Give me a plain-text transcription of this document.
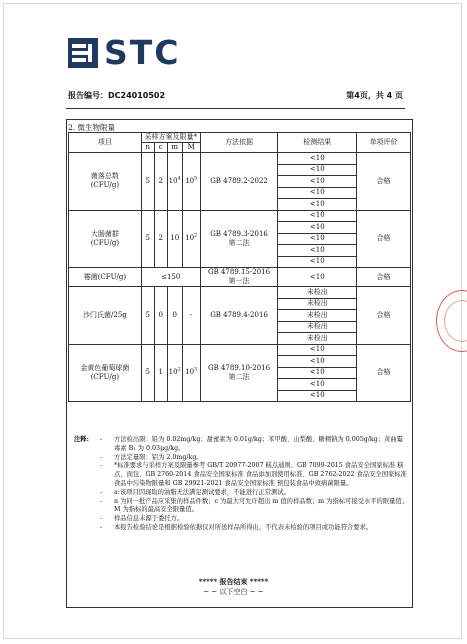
STC
报告编号：DC24010502	第4页，共 4 页
2. 微生物限量
项目	采样方案及限量*				方法依据	检测结果	单项评价
	n	c	m	M			
菌落总数
(CFU/g)	5	2	$10^4$	$10^5$	GB 4789.2-2022	<10	合格
						<10	
						<10	
						<10	
						<10	
大肠菌群
(CFU/g)	5	2	10	$10^2$	GB 4789.3-2016
第二法	<10	合格
						<10	
						<10	
						<10	
						<10	
霉菌(CFU/g)	≤150				GB 4789.15-2016
第一法	<10	合格
沙门氏菌/25g	5	0	0	-	GB 4789.4-2016	未检出	合格
						未检出	
						未检出	
						未检出	
						未检出	
金黄色葡萄球菌
(CFU/g)	5	1	$10^2$	$10^3$	GB 4789.10-2016
第二法	<10	合格
						<10	
						<10	
						<10	
						<10	
注释:	-	方法检出限：铅为 0.02mg/kg；甜蜜素为 0.01g/kg；苯甲酸、山梨酸、糖精钠为 0.005g/kg；黄曲霉毒素 B₁ 为 0.03μg/kg。
-	方法定量限：铝为 2.0mg/kg。
-	*标准要求与采样方案及限量参考 GB/T 20977-2007 糕点通则、GB 7099-2015 食品安全国家标准 糕点、面包、GB 2760-2014 食品安全国家标准 食品添加剂使用标准、GB 2762-2022 食品安全国家标准 食品中污染物限量和 GB 29921-2021 食品安全国家标准 预包装食品中致病菌限量。
-	a:该项目因现取的油脂无法满足测试要求，不能进行正常测试。
-	n 为同一批产品应采集的样品件数；c 为最大可允许超出 m 值的样品数；m 为指标可接受水平的限量值；M 为指标的最高安全限量值。
-	样品信息未源于委托方。
-	本报告检验结论是根据检验依据仅对所送样品所得出，不代表未检验的项目或功能符合要求。
***** 报告结束 *****
~ ~ 以下空白 ~ ~
